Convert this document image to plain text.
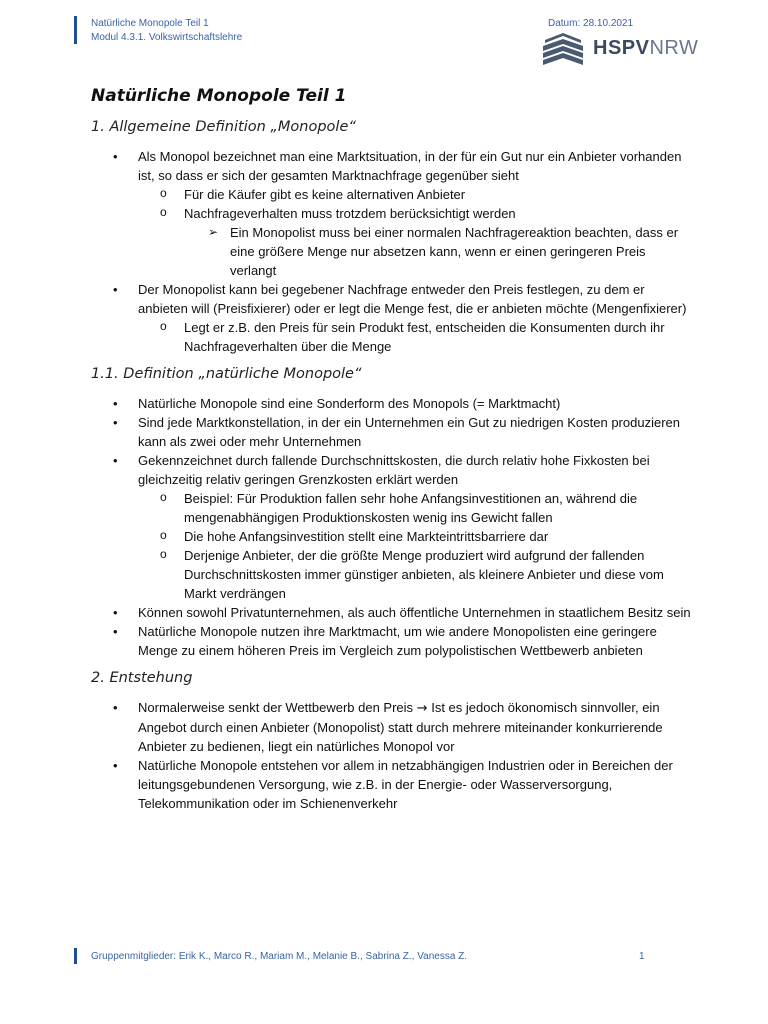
Natürliche Monopole Teil 1
Modul 4.3.1. Volkswirtschaftslehre
Datum: 28.10.2021
HSPVNRW
Natürliche Monopole Teil 1
1. Allgemeine Definition „Monopole“
• Als Monopol bezeichnet man eine Marktsituation, in der für ein Gut nur ein Anbieter vorhanden ist, so dass er sich der gesamten Marktnachfrage gegenüber sieht
o Für die Käufer gibt es keine alternativen Anbieter
o Nachfrageverhalten muss trotzdem berücksichtigt werden
➢ Ein Monopolist muss bei einer normalen Nachfragereaktion beachten, dass er eine größere Menge nur absetzen kann, wenn er einen geringeren Preis verlangt
• Der Monopolist kann bei gegebener Nachfrage entweder den Preis festlegen, zu dem er anbieten will (Preisfixierer) oder er legt die Menge fest, die er anbieten möchte (Mengenfixierer)
o Legt er z.B. den Preis für sein Produkt fest, entscheiden die Konsumenten durch ihr Nachfrageverhalten über die Menge
1.1. Definition „natürliche Monopole“
• Natürliche Monopole sind eine Sonderform des Monopols (= Marktmacht)
• Sind jede Marktkonstellation, in der ein Unternehmen ein Gut zu niedrigen Kosten produzieren kann als zwei oder mehr Unternehmen
• Gekennzeichnet durch fallende Durchschnittskosten, die durch relativ hohe Fixkosten bei gleichzeitig relativ geringen Grenzkosten erklärt werden
o Beispiel: Für Produktion fallen sehr hohe Anfangsinvestitionen an, während die mengenabhängigen Produktionskosten wenig ins Gewicht fallen
o Die hohe Anfangsinvestition stellt eine Markteintrittsbarriere dar
o Derjenige Anbieter, der die größte Menge produziert wird aufgrund der fallenden Durchschnittskosten immer günstiger anbieten, als kleinere Anbieter und diese vom Markt verdrängen
• Können sowohl Privatunternehmen, als auch öffentliche Unternehmen in staatlichem Besitz sein
• Natürliche Monopole nutzen ihre Marktmacht, um wie andere Monopolisten eine geringere Menge zu einem höheren Preis im Vergleich zum polypolistischen Wettbewerb anbieten
2. Entstehung
• Normalerweise senkt der Wettbewerb den Preis → Ist es jedoch ökonomisch sinnvoller, ein Angebot durch einen Anbieter (Monopolist) statt durch mehrere miteinander konkurrierende Anbieter zu bedienen, liegt ein natürliches Monopol vor
• Natürliche Monopole entstehen vor allem in netzabhängigen Industrien oder in Bereichen der leitungsgebundenen Versorgung, wie z.B. in der Energie- oder Wasserversorgung, Telekommunikation oder im Schienenverkehr
Gruppenmitglieder: Erik K., Marco R., Mariam M., Melanie B., Sabrina Z., Vanessa Z.	1
